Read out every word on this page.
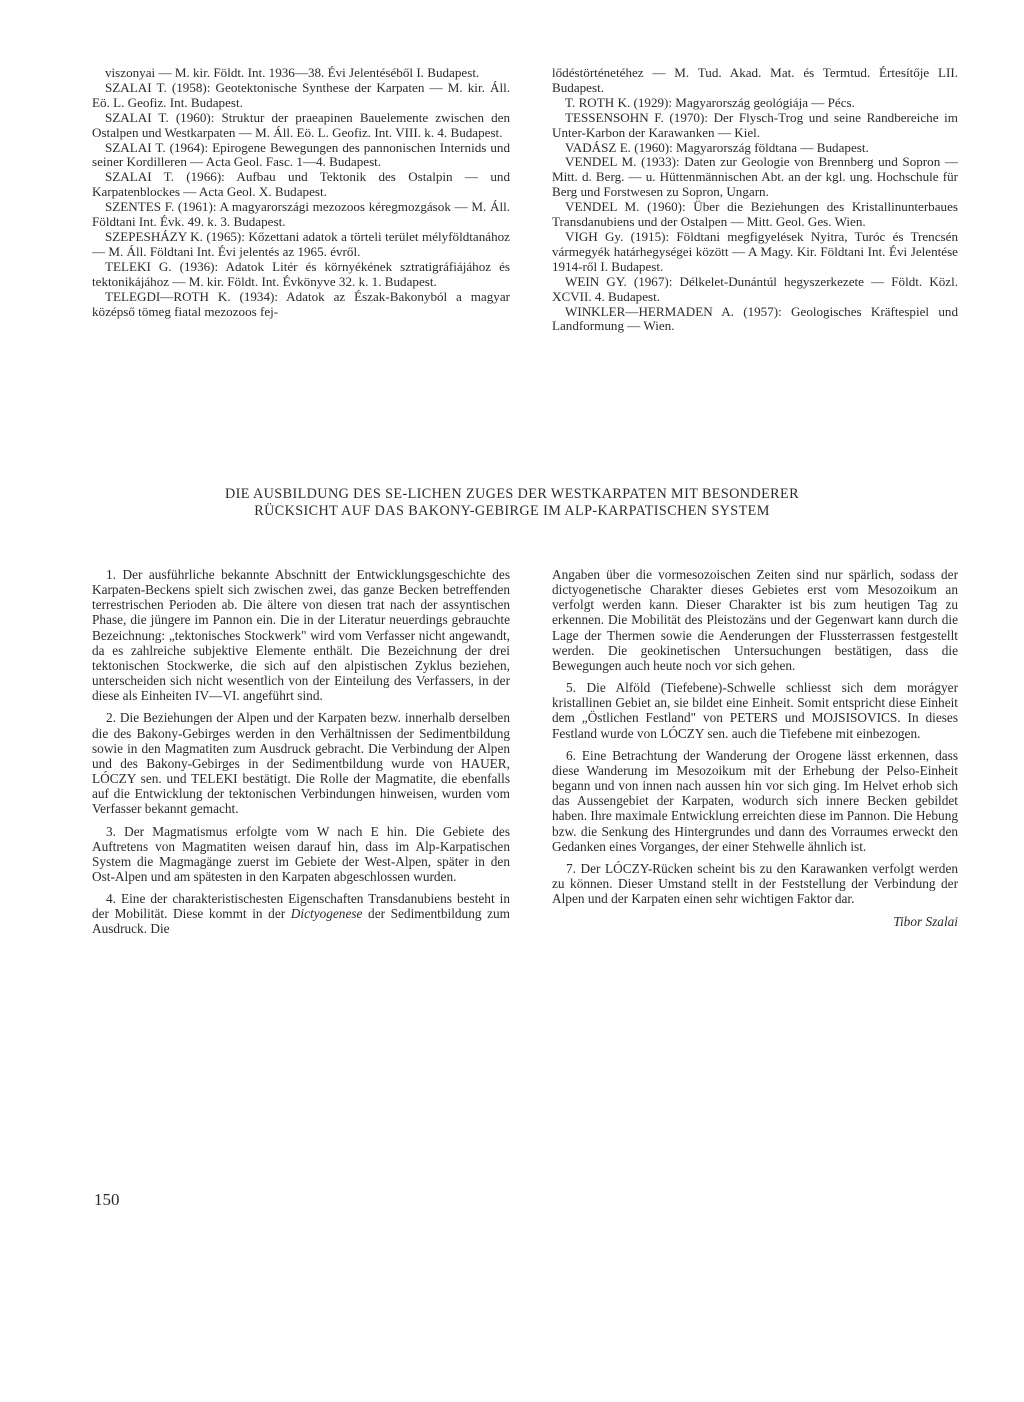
viszonyai — M. kir. Földt. Int. 1936—38. Évi Jelentéséből I. Budapest.

SZALAI T. (1958): Geotektonische Synthese der Karpaten — M. kir. Áll. Eö. L. Geofiz. Int. Budapest.

SZALAI T. (1960): Struktur der praeapinen Bauelemente zwischen den Ostalpen und Westkarpaten — M. Áll. Eö. L. Geofiz. Int. VIII. k. 4. Budapest.

SZALAI T. (1964): Epirogene Bewegungen des pannonischen Internids und seiner Kordilleren — Acta Geol. Fasc. 1—4. Budapest.

SZALAI T. (1966): Aufbau und Tektonik des Ostalpin — und Karpatenblockes — Acta Geol. X. Budapest.

SZENTES F. (1961): A magyarországi mezozoos kéregmozgások — M. Áll. Földtani Int. Évk. 49. k. 3. Budapest.

SZEPESHÁZY K. (1965): Kőzettani adatok a törteli terület mélyföldtanához — M. Áll. Földtani Int. Évi jelentés az 1965. évről.

TELEKI G. (1936): Adatok Litér és környékének sztratigráfiájához és tektonikájához — M. kir. Földt. Int. Évkönyve 32. k. 1. Budapest.

TELEGDI—ROTH K. (1934): Adatok az Észak-Bakonyból a magyar középső tömeg fiatal mezozoos fej-

lődéstörténetéhez — M. Tud. Akad. Mat. és Termtud. Értesítője LII. Budapest.

T. ROTH K. (1929): Magyarország geológiája — Pécs.

TESSENSOHN F. (1970): Der Flysch-Trog und seine Randbereiche im Unter-Karbon der Karawanken — Kiel.

VADÁSZ E. (1960): Magyarország földtana — Budapest.

VENDEL M. (1933): Daten zur Geologie von Brennberg und Sopron — Mitt. d. Berg. — u. Hüttenmännischen Abt. an der kgl. ung. Hochschule für Berg und Forstwesen zu Sopron, Ungarn.

VENDEL M. (1960): Über die Beziehungen des Kristallinunterbaues Transdanubiens und der Ostalpen — Mitt. Geol. Ges. Wien.

VIGH Gy. (1915): Földtani megfigyelések Nyitra, Turóc és Trencsén vármegyék határhegységei között — A Magy. Kir. Földtani Int. Évi Jelentése 1914-ről I. Budapest.

WEIN GY. (1967): Délkelet-Dunántúl hegyszerkezete — Földt. Közl. XCVII. 4. Budapest.

WINKLER—HERMADEN A. (1957): Geologisches Kräftespiel und Landformung — Wien.

DIE AUSBILDUNG DES SE-LICHEN ZUGES DER WESTKARPATEN MIT BESONDERER
RÜCKSICHT AUF DAS BAKONY-GEBIRGE IM ALP-KARPATISCHEN SYSTEM

1. Der ausführliche bekannte Abschnitt der Entwicklungsgeschichte des Karpaten-Beckens spielt sich zwischen zwei, das ganze Becken betreffenden terrestrischen Perioden ab. Die ältere von diesen trat nach der assyntischen Phase, die jüngere im Pannon ein. Die in der Literatur neuerdings gebrauchte Bezeichnung: „tektonisches Stockwerk" wird vom Verfasser nicht angewandt, da es zahlreiche subjektive Elemente enthält. Die Bezeichnung der drei tektonischen Stockwerke, die sich auf den alpistischen Zyklus beziehen, unterscheiden sich nicht wesentlich von der Einteilung des Verfassers, in der diese als Einheiten IV—VI. angeführt sind.

2. Die Beziehungen der Alpen und der Karpaten bezw. innerhalb derselben die des Bakony-Gebirges werden in den Verhältnissen der Sedimentbildung sowie in den Magmatiten zum Ausdruck gebracht. Die Verbindung der Alpen und des Bakony-Gebirges in der Sedimentbildung wurde von HAUER, LÓCZY sen. und TELEKI bestätigt. Die Rolle der Magmatite, die ebenfalls auf die Entwicklung der tektonischen Verbindungen hinweisen, wurden vom Verfasser bekannt gemacht.

3. Der Magmatismus erfolgte vom W nach E hin. Die Gebiete des Auftretens von Magmatiten weisen darauf hin, dass im Alp-Karpatischen System die Magmagänge zuerst im Gebiete der West-Alpen, später in den Ost-Alpen und am spätesten in den Karpaten abgeschlossen wurden.

4. Eine der charakteristischesten Eigenschaften Transdanubiens besteht in der Mobilität. Diese kommt in der Dictyogenese der Sedimentbildung zum Ausdruck. Die

Angaben über die vormesozoischen Zeiten sind nur spärlich, sodass der dictyogenetische Charakter dieses Gebietes erst vom Mesozoikum an verfolgt werden kann. Dieser Charakter ist bis zum heutigen Tag zu erkennen. Die Mobilität des Pleistozäns und der Gegenwart kann durch die Lage der Thermen sowie die Aenderungen der Flussterrassen festgestellt werden. Die geokinetischen Untersuchungen bestätigen, dass die Bewegungen auch heute noch vor sich gehen.

5. Die Alföld (Tiefebene)-Schwelle schliesst sich dem morágyer kristallinen Gebiet an, sie bildet eine Einheit. Somit entspricht diese Einheit dem „Östlichen Festland" von PETERS und MOJSISOVICS. In dieses Festland wurde von LÓCZY sen. auch die Tiefebene mit einbezogen.

6. Eine Betrachtung der Wanderung der Orogene lässt erkennen, dass diese Wanderung im Mesozoikum mit der Erhebung der Pelso-Einheit begann und von innen nach aussen hin vor sich ging. Im Helvet erhob sich das Aussengebiet der Karpaten, wodurch sich innere Becken gebildet haben. Ihre maximale Entwicklung erreichten diese im Pannon. Die Hebung bzw. die Senkung des Hintergrundes und dann des Vorraumes erweckt den Gedanken eines Vorganges, der einer Stehwelle ähnlich ist.

7. Der LÓCZY-Rücken scheint bis zu den Karawanken verfolgt werden zu können. Dieser Umstand stellt in der Feststellung der Verbindung der Alpen und der Karpaten einen sehr wichtigen Faktor dar.

Tibor Szalai
150
